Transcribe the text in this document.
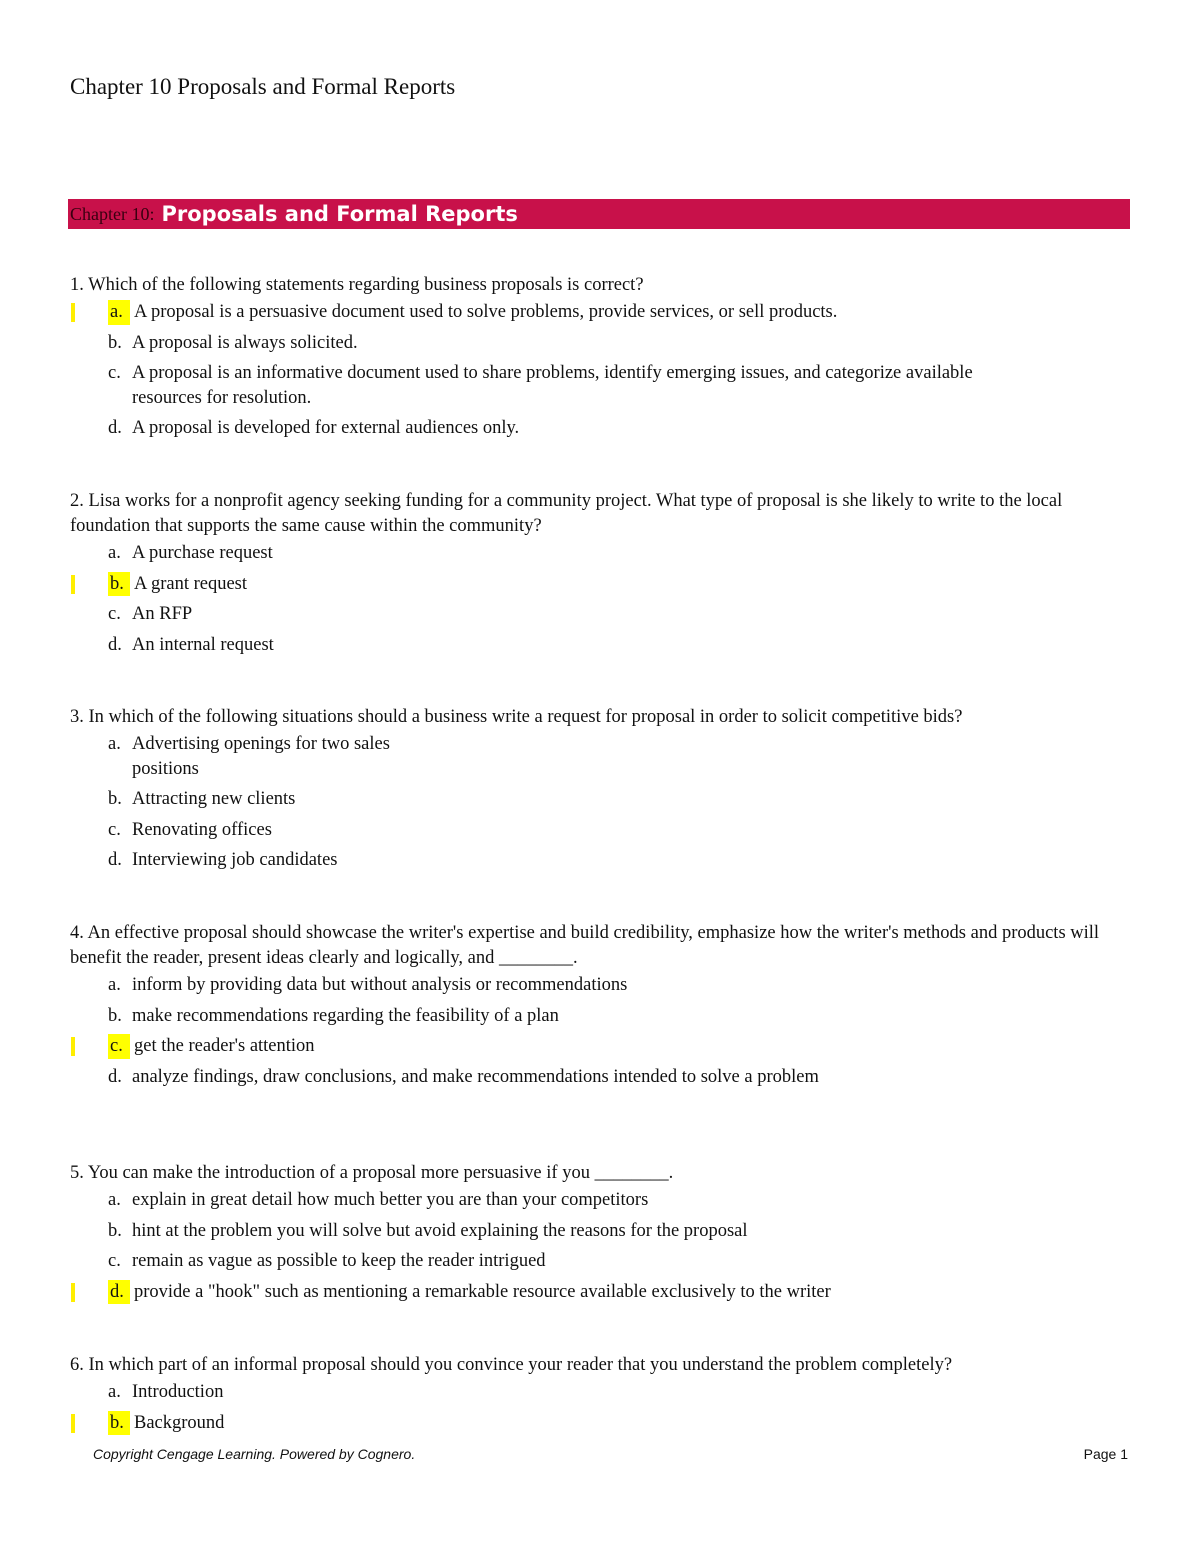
Chapter 10 Proposals and Formal Reports
Chapter 10: Proposals and Formal Reports
1. Which of the following statements regarding business proposals is correct?
a. A proposal is a persuasive document used to solve problems, provide services, or sell products.
b. A proposal is always solicited.
c. A proposal is an informative document used to share problems, identify emerging issues, and categorize available resources for resolution.
d. A proposal is developed for external audiences only.
2. Lisa works for a nonprofit agency seeking funding for a community project. What type of proposal is she likely to write to the local foundation that supports the same cause within the community?
a. A purchase request
b. A grant request
c. An RFP
d. An internal request
3. In which of the following situations should a business write a request for proposal in order to solicit competitive bids?
a. Advertising openings for two sales positions
b. Attracting new clients
c. Renovating offices
d. Interviewing job candidates
4. An effective proposal should showcase the writer's expertise and build credibility, emphasize how the writer's methods and products will benefit the reader, present ideas clearly and logically, and ________.
a. inform by providing data but without analysis or recommendations
b. make recommendations regarding the feasibility of a plan
c. get the reader's attention
d. analyze findings, draw conclusions, and make recommendations intended to solve a problem
5. You can make the introduction of a proposal more persuasive if you ________.
a. explain in great detail how much better you are than your competitors
b. hint at the problem you will solve but avoid explaining the reasons for the proposal
c. remain as vague as possible to keep the reader intrigued
d. provide a "hook" such as mentioning a remarkable resource available exclusively to the writer
6. In which part of an informal proposal should you convince your reader that you understand the problem completely?
a. Introduction
b. Background
Copyright Cengage Learning. Powered by Cognero.	Page 1
